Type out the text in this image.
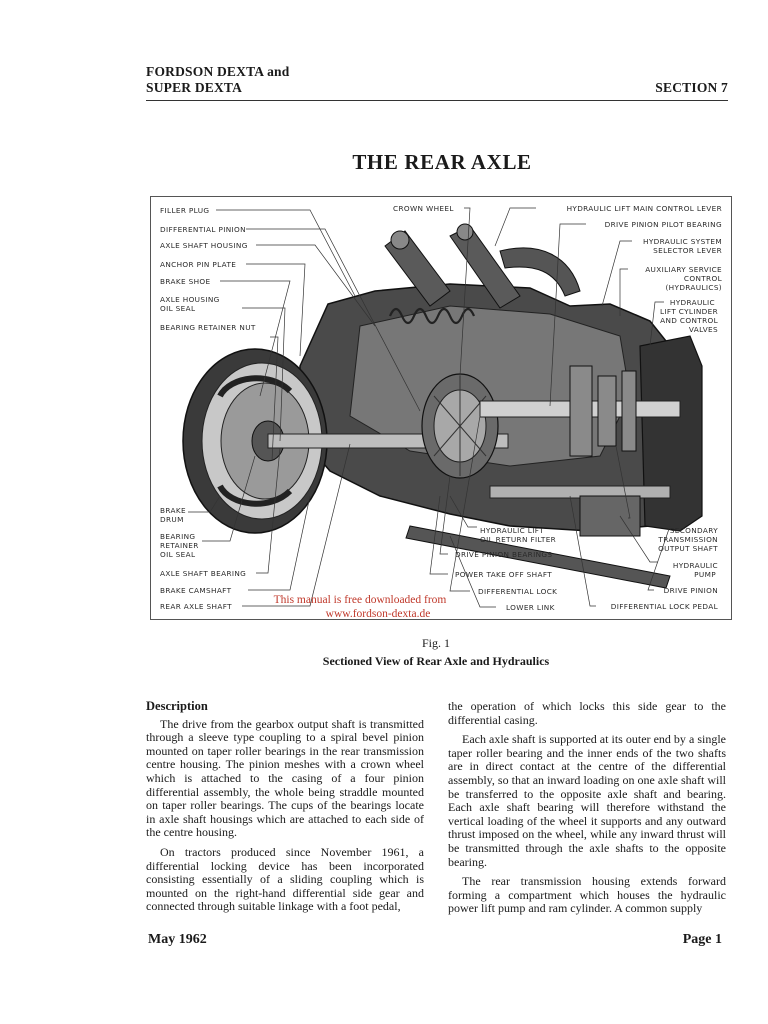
FORDSON DEXTA and
SUPER DEXTA	SECTION 7
THE REAR AXLE
FILLER PLUG
DIFFERENTIAL PINION
AXLE SHAFT HOUSING
ANCHOR PIN PLATE
BRAKE SHOE
AXLE HOUSING
OIL SEAL
BEARING RETAINER NUT
BRAKE
DRUM
BEARING
RETAINER
OIL SEAL
AXLE SHAFT BEARING
BRAKE CAMSHAFT
REAR AXLE SHAFT
CROWN WHEEL
HYDRAULIC LIFT
OIL RETURN FILTER
DRIVE PINION BEARINGS
POWER TAKE OFF SHAFT
DIFFERENTIAL LOCK
LOWER LINK
HYDRAULIC LIFT MAIN CONTROL LEVER
DRIVE PINION PILOT BEARING
HYDRAULIC SYSTEM
SELECTOR LEVER
AUXILIARY SERVICE
CONTROL
(HYDRAULICS)
HYDRAULIC
LIFT CYLINDER
AND CONTROL
VALVES
SECONDARY
TRANSMISSION
OUTPUT SHAFT
HYDRAULIC
PUMP
DRIVE PINION
DIFFERENTIAL LOCK PEDAL
This manual is free downloaded from
www.fordson-dexta.de
Fig. 1
Sectioned View of Rear Axle and Hydraulics
Description

The drive from the gearbox output shaft is transmitted through a sleeve type coupling to a spiral bevel pinion mounted on taper roller bearings in the rear transmission centre housing. The pinion meshes with a crown wheel which is attached to the casing of a four pinion differential assembly, the whole being straddle mounted on taper roller bearings. The cups of the bearings locate in axle shaft housings which are attached to each side of the centre housing.

On tractors produced since November 1961, a differential locking device has been incorporated consisting essentially of a sliding coupling which is mounted on the right-hand differential side gear and connected through suitable linkage with a foot pedal,

the operation of which locks this side gear to the differential casing.

Each axle shaft is supported at its outer end by a single taper roller bearing and the inner ends of the two shafts are in direct contact at the centre of the differential assembly, so that an inward loading on one axle shaft will be transferred to the opposite axle shaft and bearing. Each axle shaft bearing will therefore withstand the vertical loading of the wheel it supports and any outward thrust imposed on the wheel, while any inward thrust will be transmitted through the axle shafts to the opposite bearing.

The rear transmission housing extends forward forming a compartment which houses the hydraulic power lift pump and ram cylinder. A common supply

May 1962	Page 1
